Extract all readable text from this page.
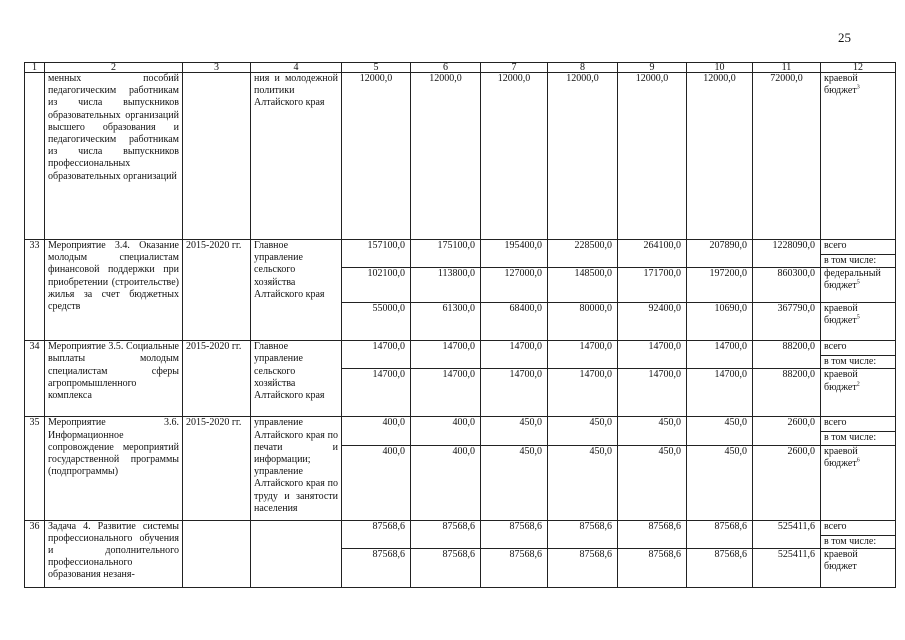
25
1	2	3	4	5	6	7	8	9	10	11	12
	менных пособий педагогическим работникам из числа выпускников образовательных организаций высшего образования и педагогическим работникам из числа выпускников профессиональных образовательных организаций		ния и молодежной политики Алтайского края	12000,0	12000,0	12000,0	12000,0	12000,0	12000,0	72000,0	краевой бюджет$^3$
33	Мероприятие 3.4. Оказание молодым специалистам финансовой поддержки при приобретении (строительстве) жилья за счет бюджетных средств	2015-2020 гг.	Главное управление сельского хозяйства Алтайского края	157100,0	175100,0	195400,0	228500,0	264100,0	207890,0	1228090,0	всего
											в том числе:
				102100,0	113800,0	127000,0	148500,0	171700,0	197200,0	860300,0	федеральный бюджет$^5$
				55000,0	61300,0	68400,0	80000,0	92400,0	10690,0	367790,0	краевой бюджет$^5$
34	Мероприятие 3.5. Социальные выплаты молодым специалистам сферы агропромышленного комплекса	2015-2020 гг.	Главное управление сельского хозяйства Алтайского края	14700,0	14700,0	14700,0	14700,0	14700,0	14700,0	88200,0	всего
											в том числе:
				14700,0	14700,0	14700,0	14700,0	14700,0	14700,0	88200,0	краевой бюджет$^2$
35	Мероприятие 3.6. Информационное сопровождение мероприятий государственной программы (подпрограммы)	2015-2020 гг.	управление Алтайского края по печати и информации; управление Алтайского края по труду и занятости населения	400,0	400,0	450,0	450,0	450,0	450,0	2600,0	всего
											в том числе:
				400,0	400,0	450,0	450,0	450,0	450,0	2600,0	краевой бюджет$^6$
36	Задача 4. Развитие системы профессионального обучения и дополнительного профессионального образования незаня-			87568,6	87568,6	87568,6	87568,6	87568,6	87568,6	525411,6	всего
											в том числе:
				87568,6	87568,6	87568,6	87568,6	87568,6	87568,6	525411,6	краевой бюджет
